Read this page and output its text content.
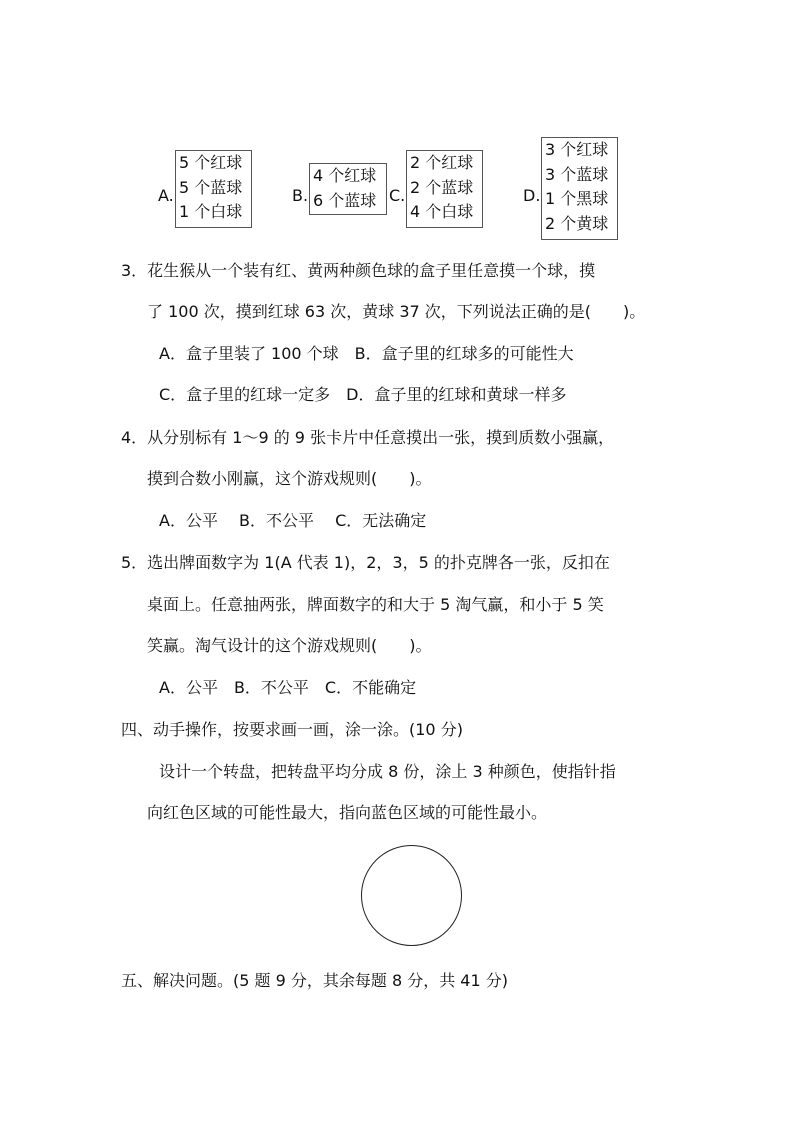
A.
5 个红球
5 个蓝球
1 个白球
B.
4 个红球
6 个蓝球 C.
2 个红球
2 个蓝球
4 个白球
D.
3 个红球
3 个蓝球
1 个黑球
2 个黄球
3．花生猴从一个装有红、黄两种颜色球的盒子里任意摸一个球，摸
了 100 次，摸到红球 63 次，黄球 37 次，下列说法正确的是(　　)。
A．盒子里装了 100 个球　B．盒子里的红球多的可能性大
C．盒子里的红球一定多　D．盒子里的红球和黄球一样多
4．从分别标有 1～9 的 9 张卡片中任意摸出一张，摸到质数小强赢，
摸到合数小刚赢，这个游戏规则(　　)。
A．公平　 B．不公平　 C．无法确定
5．选出牌面数字为 1(A 代表 1)，2，3，5 的扑克牌各一张，反扣在
桌面上。任意抽两张，牌面数字的和大于 5 淘气赢，和小于 5 笑
笑赢。淘气设计的这个游戏规则(　　)。
A．公平　B．不公平　C．不能确定
四、动手操作，按要求画一画，涂一涂。(10 分)
设计一个转盘，把转盘平均分成 8 份，涂上 3 种颜色，使指针指
向红色区域的可能性最大，指向蓝色区域的可能性最小。
五、解决问题。(5 题 9 分，其余每题 8 分，共 41 分)
